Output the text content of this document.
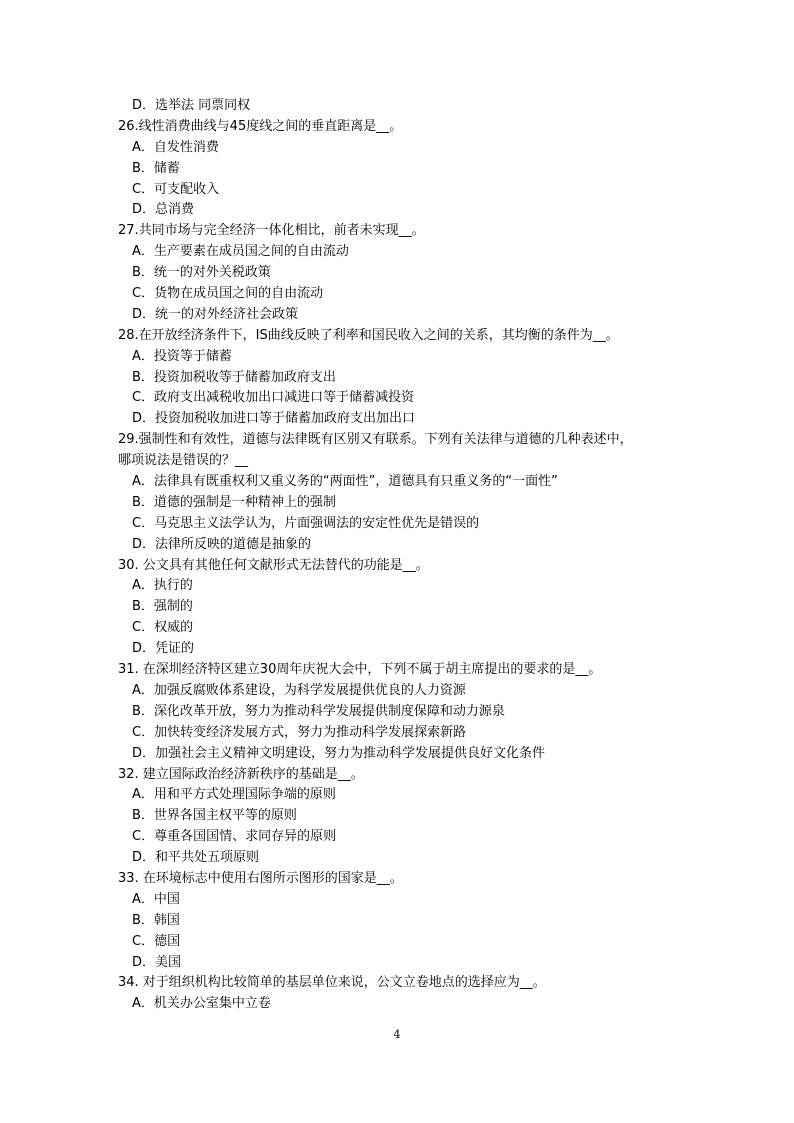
D．选举法 同票同权
26.线性消费曲线与45度线之间的垂直距离是__。
A．自发性消费
B．储蓄
C．可支配收入
D．总消费
27.共同市场与完全经济一体化相比，前者未实现__。
A．生产要素在成员国之间的自由流动
B．统一的对外关税政策
C．货物在成员国之间的自由流动
D．统一的对外经济社会政策
28.在开放经济条件下，IS曲线反映了利率和国民收入之间的关系，其均衡的条件为__。
A．投资等于储蓄
B．投资加税收等于储蓄加政府支出
C．政府支出减税收加出口减进口等于储蓄减投资
D．投资加税收加进口等于储蓄加政府支出加出口
29.强制性和有效性，道德与法律既有区别又有联系。下列有关法律与道德的几种表述中，
哪项说法是错误的？__
A．法律具有既重权利又重义务的“两面性”，道德具有只重义务的“一面性”
B．道德的强制是一种精神上的强制
C．马克思主义法学认为，片面强调法的安定性优先是错误的
D．法律所反映的道德是抽象的
30. 公文具有其他任何文献形式无法替代的功能是__。
A．执行的
B．强制的
C．权威的
D．凭证的
31. 在深圳经济特区建立30周年庆祝大会中，下列不属于胡主席提出的要求的是__。
A．加强反腐败体系建设，为科学发展提供优良的人力资源
B．深化改革开放，努力为推动科学发展提供制度保障和动力源泉
C．加快转变经济发展方式，努力为推动科学发展探索新路
D．加强社会主义精神文明建设，努力为推动科学发展提供良好文化条件
32. 建立国际政治经济新秩序的基础是__。
A．用和平方式处理国际争端的原则
B．世界各国主权平等的原则
C．尊重各国国情、求同存异的原则
D．和平共处五项原则
33. 在环境标志中使用右图所示图形的国家是__。
A．中国
B．韩国
C．德国
D．美国
34. 对于组织机构比较简单的基层单位来说，公文立卷地点的选择应为__。
A．机关办公室集中立卷
4
